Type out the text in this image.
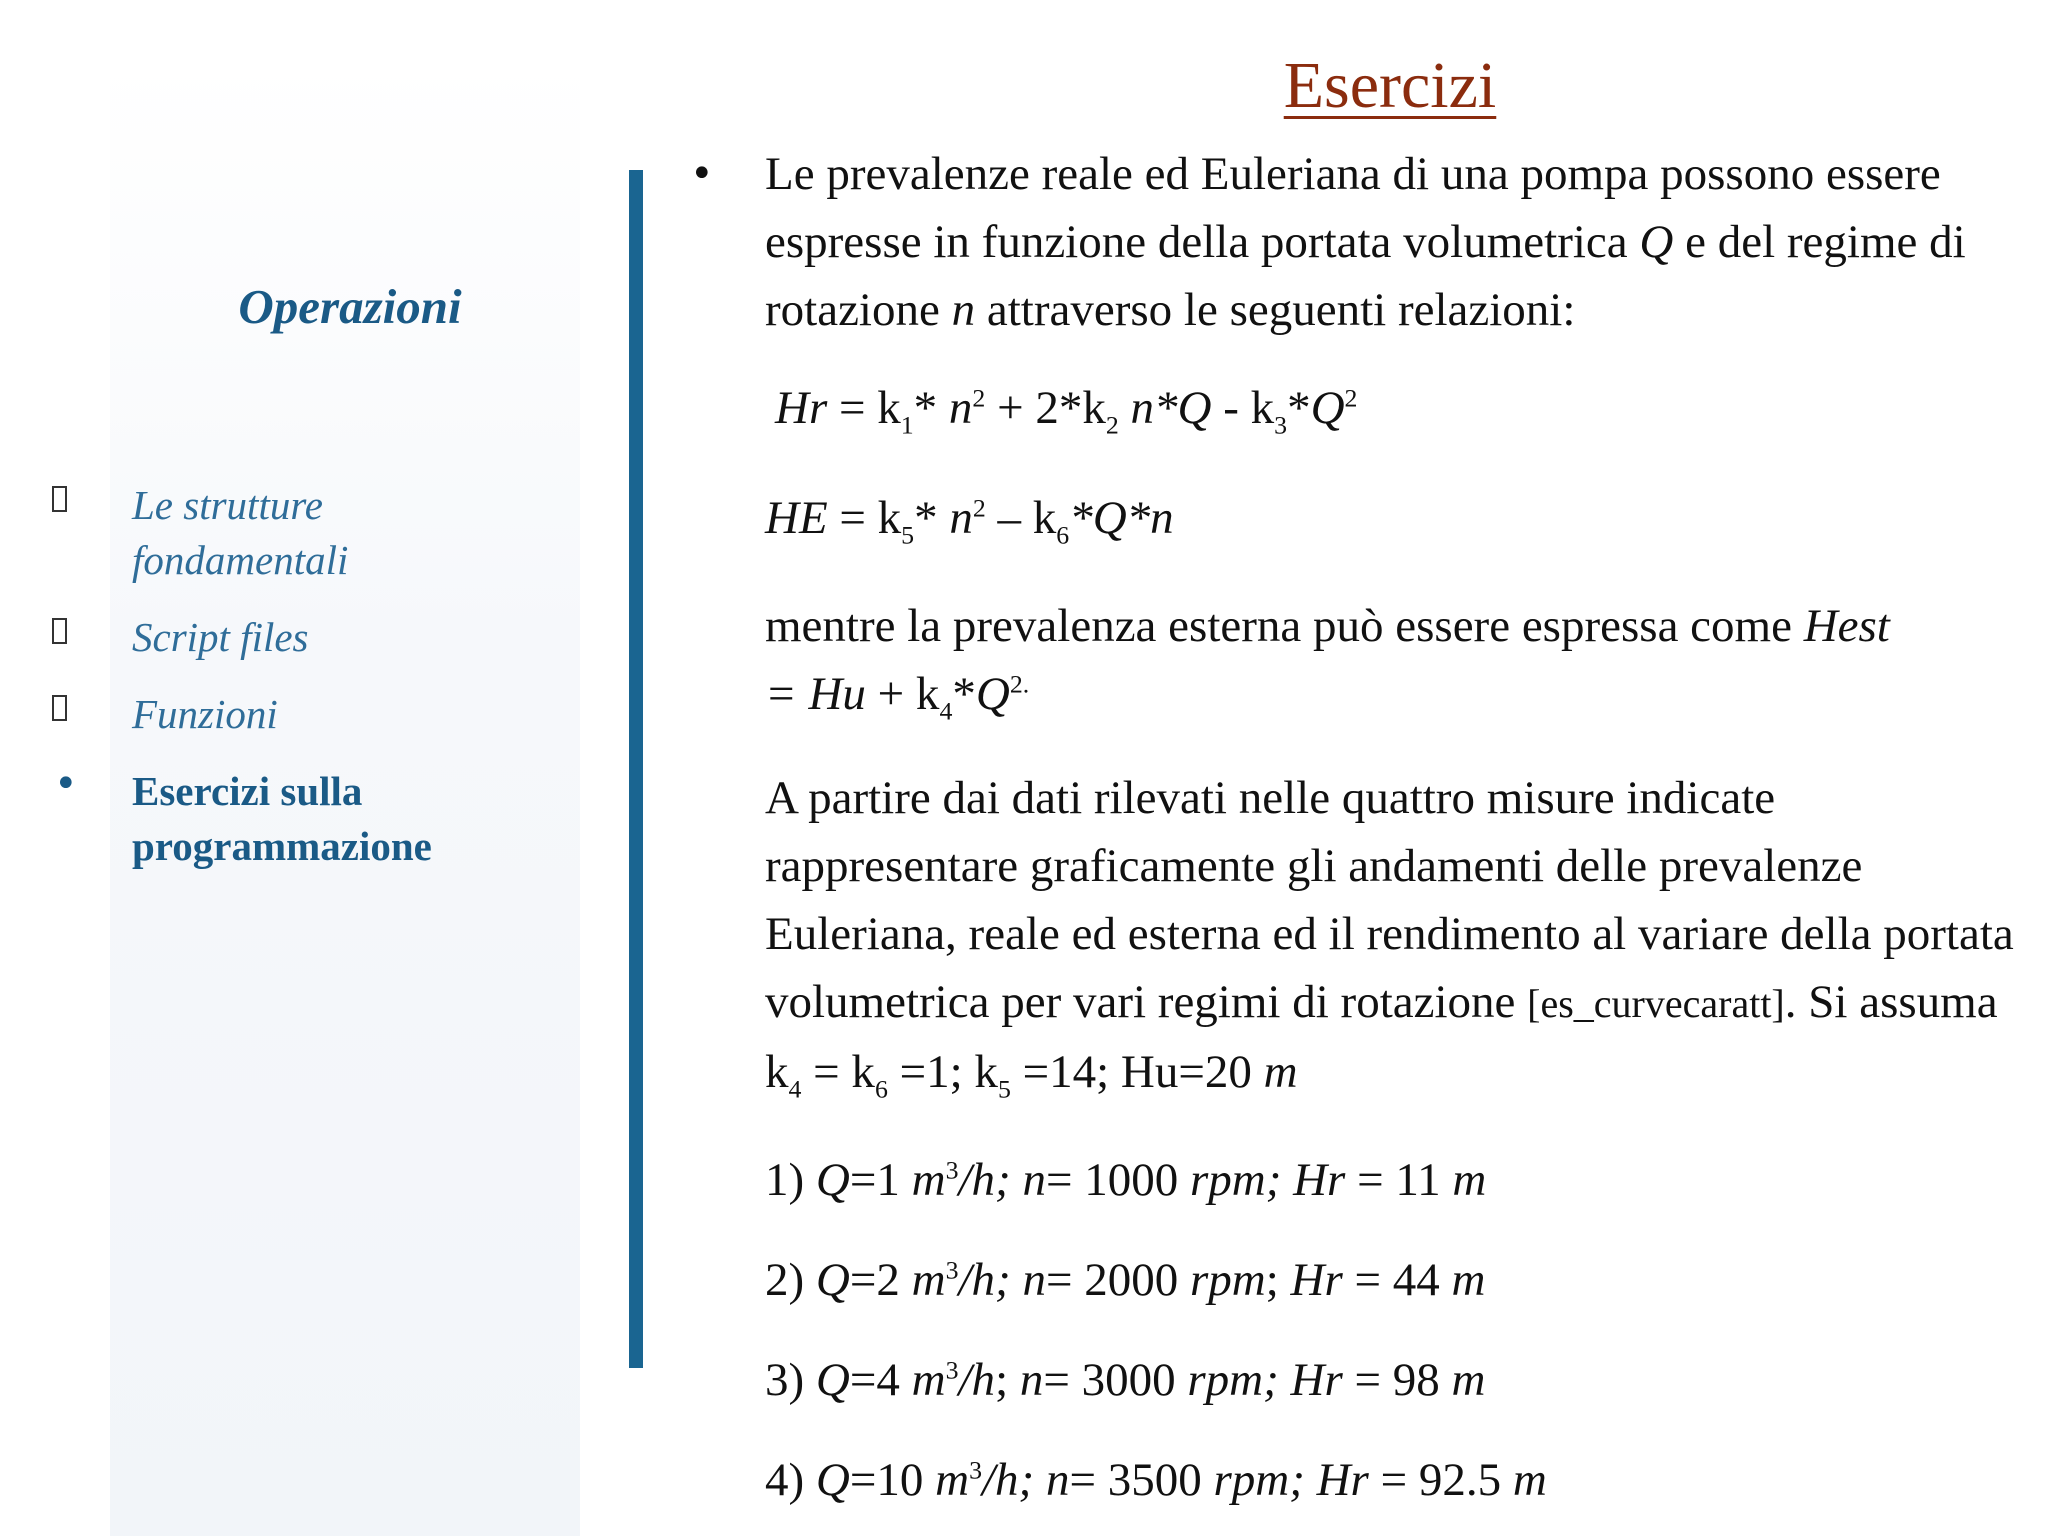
Esercizi
Operazioni
Le strutture
fondamentali
Script files
Funzioni
• Esercizi sulla
programmazione
• Le prevalenze reale ed Euleriana di una pompa possono essere espresse in funzione della portata volumetrica Q e del regime di rotazione n attraverso le seguenti relazioni:

$Hr = k_1*$ $n^2 + 2*k_2$ $n*Q - k_3*Q^2$

HE = $k_5*$ $n^2 - k_6*Q*n$

mentre la prevalenza esterna può essere espressa come Hest
= $Hu + k_4*Q^{2.}$

A partire dai dati rilevati nelle quattro misure indicate rappresentare graficamente gli andamenti delle prevalenze Euleriana, reale ed esterna ed il rendimento al variare della portata volumetrica per vari regimi di rotazione [es_curvecaratt]. Si assuma $k_4 = k_6 =1$; $k_5 =14$; Hu=20 m

1) Q=1 $m^3/h$; n= 1000 rpm; Hr = 11 m

2) Q=2 $m^3/h$; n= 2000 rpm; Hr = 44 m

3) Q=4 $m^3/h$; n= 3000 rpm; Hr = 98 m

4) Q=10 $m^3/h$; n= 3500 rpm; Hr = 92.5 m
